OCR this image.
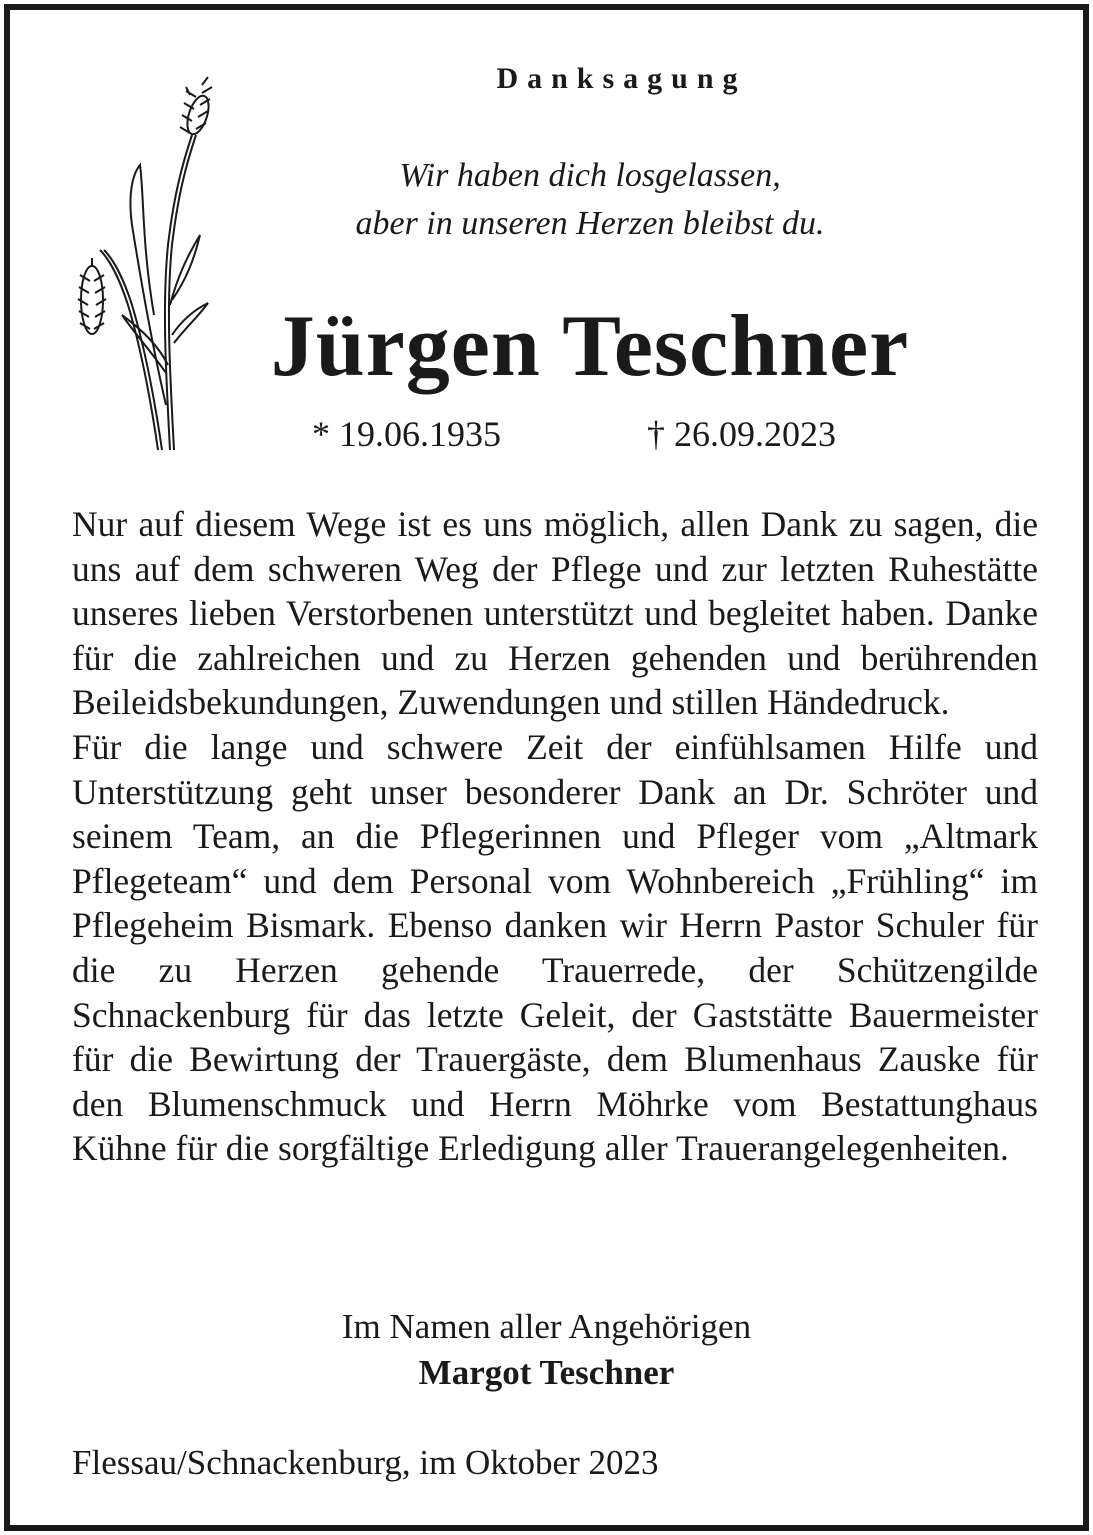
Danksagung
Wir haben dich losgelassen,
aber in unseren Herzen bleibst du.
Jürgen Teschner
* 19.06.1935	† 26.09.2023

Nur auf diesem Wege ist es uns möglich, allen Dank zu sagen, die uns auf dem schweren Weg der Pflege und zur letzten Ruhestätte unseres lieben Verstorbenen unterstützt und begleitet haben. Danke für die zahlreichen und zu Herzen gehenden und berührenden Beileidsbekundungen, Zuwendungen und stillen Händedruck.

Für die lange und schwere Zeit der einfühlsamen Hilfe und Unterstützung geht unser besonderer Dank an Dr. Schröter und seinem Team, an die Pflegerinnen und Pfleger vom „Altmark Pflegeteam“ und dem Personal vom Wohnbereich „Frühling“ im Pflegeheim Bismark. Ebenso danken wir Herrn Pastor Schuler für die zu Herzen gehende Trauerrede, der Schützengilde Schnackenburg für das letzte Geleit, der Gaststätte Bauermeister für die Bewirtung der Trauergäste, dem Blumenhaus Zauske für den Blumenschmuck und Herrn Möhrke vom Bestattunghaus Kühne für die sorgfältige Erledigung aller Trauerangelegenheiten.

Im Namen aller Angehörigen
Margot Teschner
Flessau/Schnackenburg, im Oktober 2023
